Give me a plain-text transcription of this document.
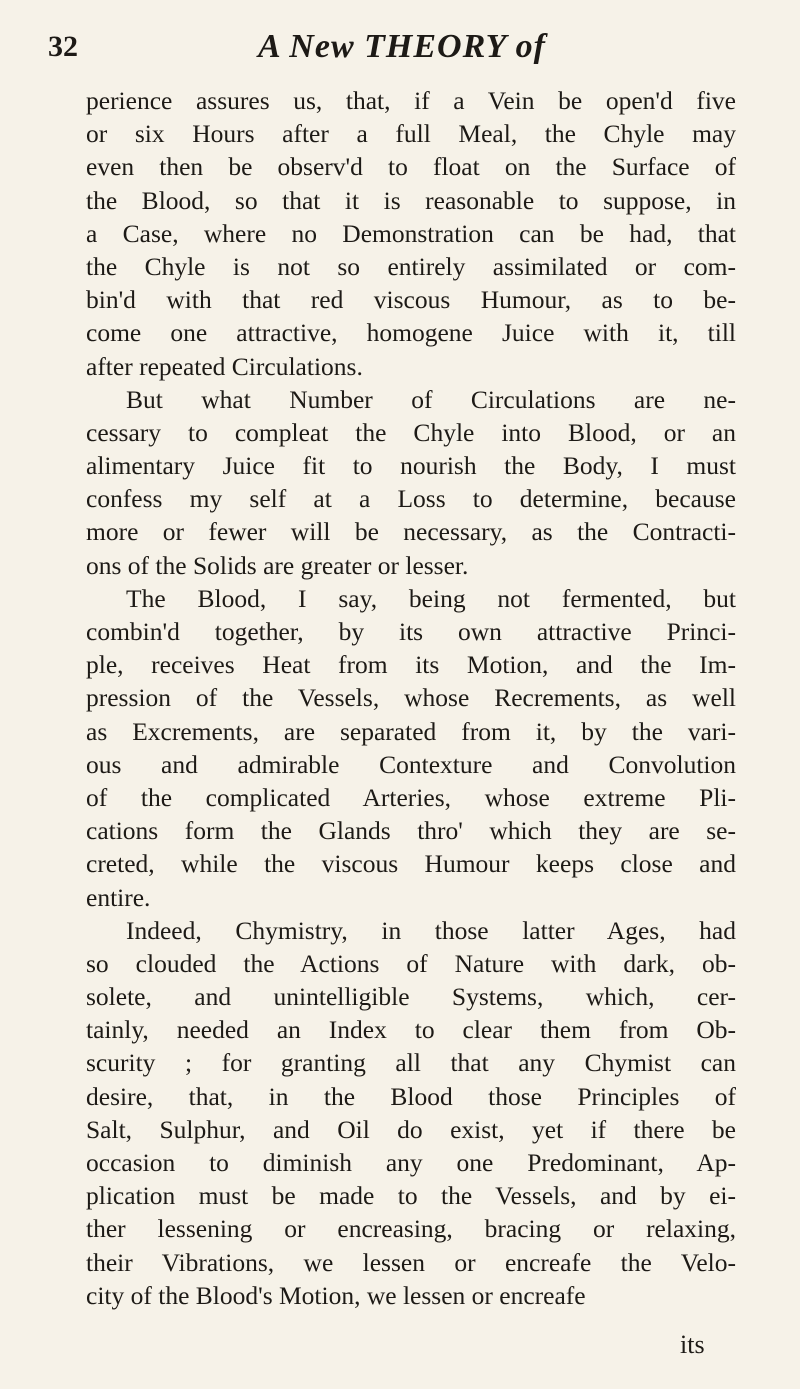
32	A New THEORY of
perience assures us, that, if a Vein be open'd five
or six Hours after a full Meal, the Chyle may
even then be observ'd to float on the Surface of
the Blood, so that it is reasonable to suppose, in
a Case, where no Demonstration can be had, that
the Chyle is not so entirely assimilated or com-
bin'd with that red viscous Humour, as to be-
come one attractive, homogene Juice with it, till
after repeated Circulations.
But what Number of Circulations are ne-
cessary to compleat the Chyle into Blood, or an
alimentary Juice fit to nourish the Body, I must
confess my self at a Loss to determine, because
more or fewer will be necessary, as the Contracti-
ons of the Solids are greater or lesser.
The Blood, I say, being not fermented, but
combin'd together, by its own attractive Princi-
ple, receives Heat from its Motion, and the Im-
pression of the Vessels, whose Recrements, as well
as Excrements, are separated from it, by the vari-
ous and admirable Contexture and Convolution
of the complicated Arteries, whose extreme Pli-
cations form the Glands thro' which they are se-
creted, while the viscous Humour keeps close and
entire.
Indeed, Chymistry, in those latter Ages, had
so clouded the Actions of Nature with dark, ob-
solete, and unintelligible Systems, which, cer-
tainly, needed an Index to clear them from Ob-
scurity ; for granting all that any Chymist can
desire, that, in the Blood those Principles of
Salt, Sulphur, and Oil do exist, yet if there be
occasion to diminish any one Predominant, Ap-
plication must be made to the Vessels, and by ei-
ther lessening or encreasing, bracing or relaxing,
their Vibrations, we lessen or encreafe the Velo-
city of the Blood's Motion, we lessen or encreafe
its
